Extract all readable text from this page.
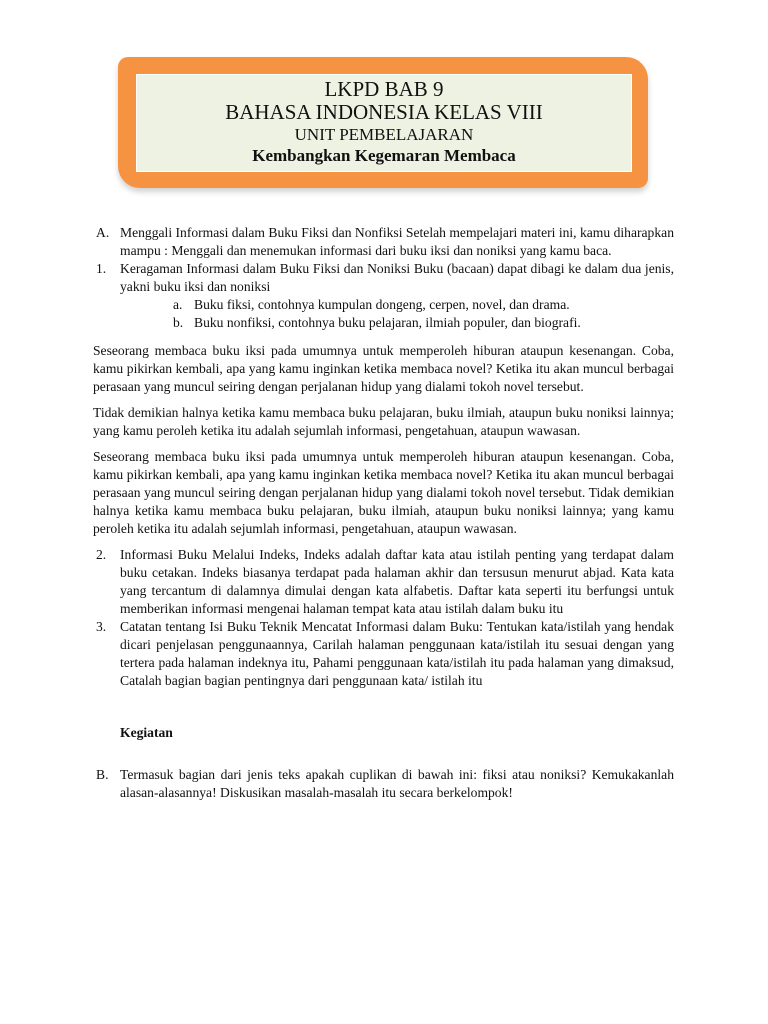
LKPD BAB 9
BAHASA INDONESIA KELAS VIII
UNIT PEMBELAJARAN
Kembangkan Kegemaran Membaca
A. Menggali Informasi dalam Buku Fiksi dan Nonfiksi Setelah mempelajari materi ini, kamu diharapkan mampu : Menggali dan menemukan informasi dari buku iksi dan noniksi yang kamu baca.
1. Keragaman Informasi dalam Buku Fiksi dan Noniksi Buku (bacaan) dapat dibagi ke dalam dua jenis, yakni buku iksi dan noniksi
a. Buku fiksi, contohnya kumpulan dongeng, cerpen, novel, dan drama.
b. Buku nonfiksi, contohnya buku pelajaran, ilmiah populer, dan biografi.

Seseorang membaca buku iksi pada umumnya untuk memperoleh hiburan ataupun kesenangan. Coba, kamu pikirkan kembali, apa yang kamu inginkan ketika membaca novel? Ketika itu akan muncul berbagai perasaan yang muncul seiring dengan perjalanan hidup yang dialami tokoh novel tersebut.

Tidak demikian halnya ketika kamu membaca buku pelajaran, buku ilmiah, ataupun buku noniksi lainnya; yang kamu peroleh ketika itu adalah sejumlah informasi, pengetahuan, ataupun wawasan.

Seseorang membaca buku iksi pada umumnya untuk memperoleh hiburan ataupun kesenangan. Coba, kamu pikirkan kembali, apa yang kamu inginkan ketika membaca novel? Ketika itu akan muncul berbagai perasaan yang muncul seiring dengan perjalanan hidup yang dialami tokoh novel tersebut. Tidak demikian halnya ketika kamu membaca buku pelajaran, buku ilmiah, ataupun buku noniksi lainnya; yang kamu peroleh ketika itu adalah sejumlah informasi, pengetahuan, ataupun wawasan.

2. Informasi Buku Melalui Indeks, Indeks adalah daftar kata atau istilah penting yang terdapat dalam buku cetakan. Indeks biasanya terdapat pada halaman akhir dan tersusun menurut abjad. Kata kata yang tercantum di dalamnya dimulai dengan kata alfabetis. Daftar kata seperti itu berfungsi untuk memberikan informasi mengenai halaman tempat kata atau istilah dalam buku itu
3. Catatan tentang Isi Buku Teknik Mencatat Informasi dalam Buku: Tentukan kata/istilah yang hendak dicari penjelasan penggunaannya, Carilah halaman penggunaan kata/istilah itu sesuai dengan yang tertera pada halaman indeknya itu, Pahami penggunaan kata/istilah itu pada halaman yang dimaksud, Catalah bagian bagian pentingnya dari penggunaan kata/ istilah itu
Kegiatan
B. Termasuk bagian dari jenis teks apakah cuplikan di bawah ini: fiksi atau noniksi? Kemukakanlah alasan-alasannya! Diskusikan masalah-masalah itu secara berkelompok!
